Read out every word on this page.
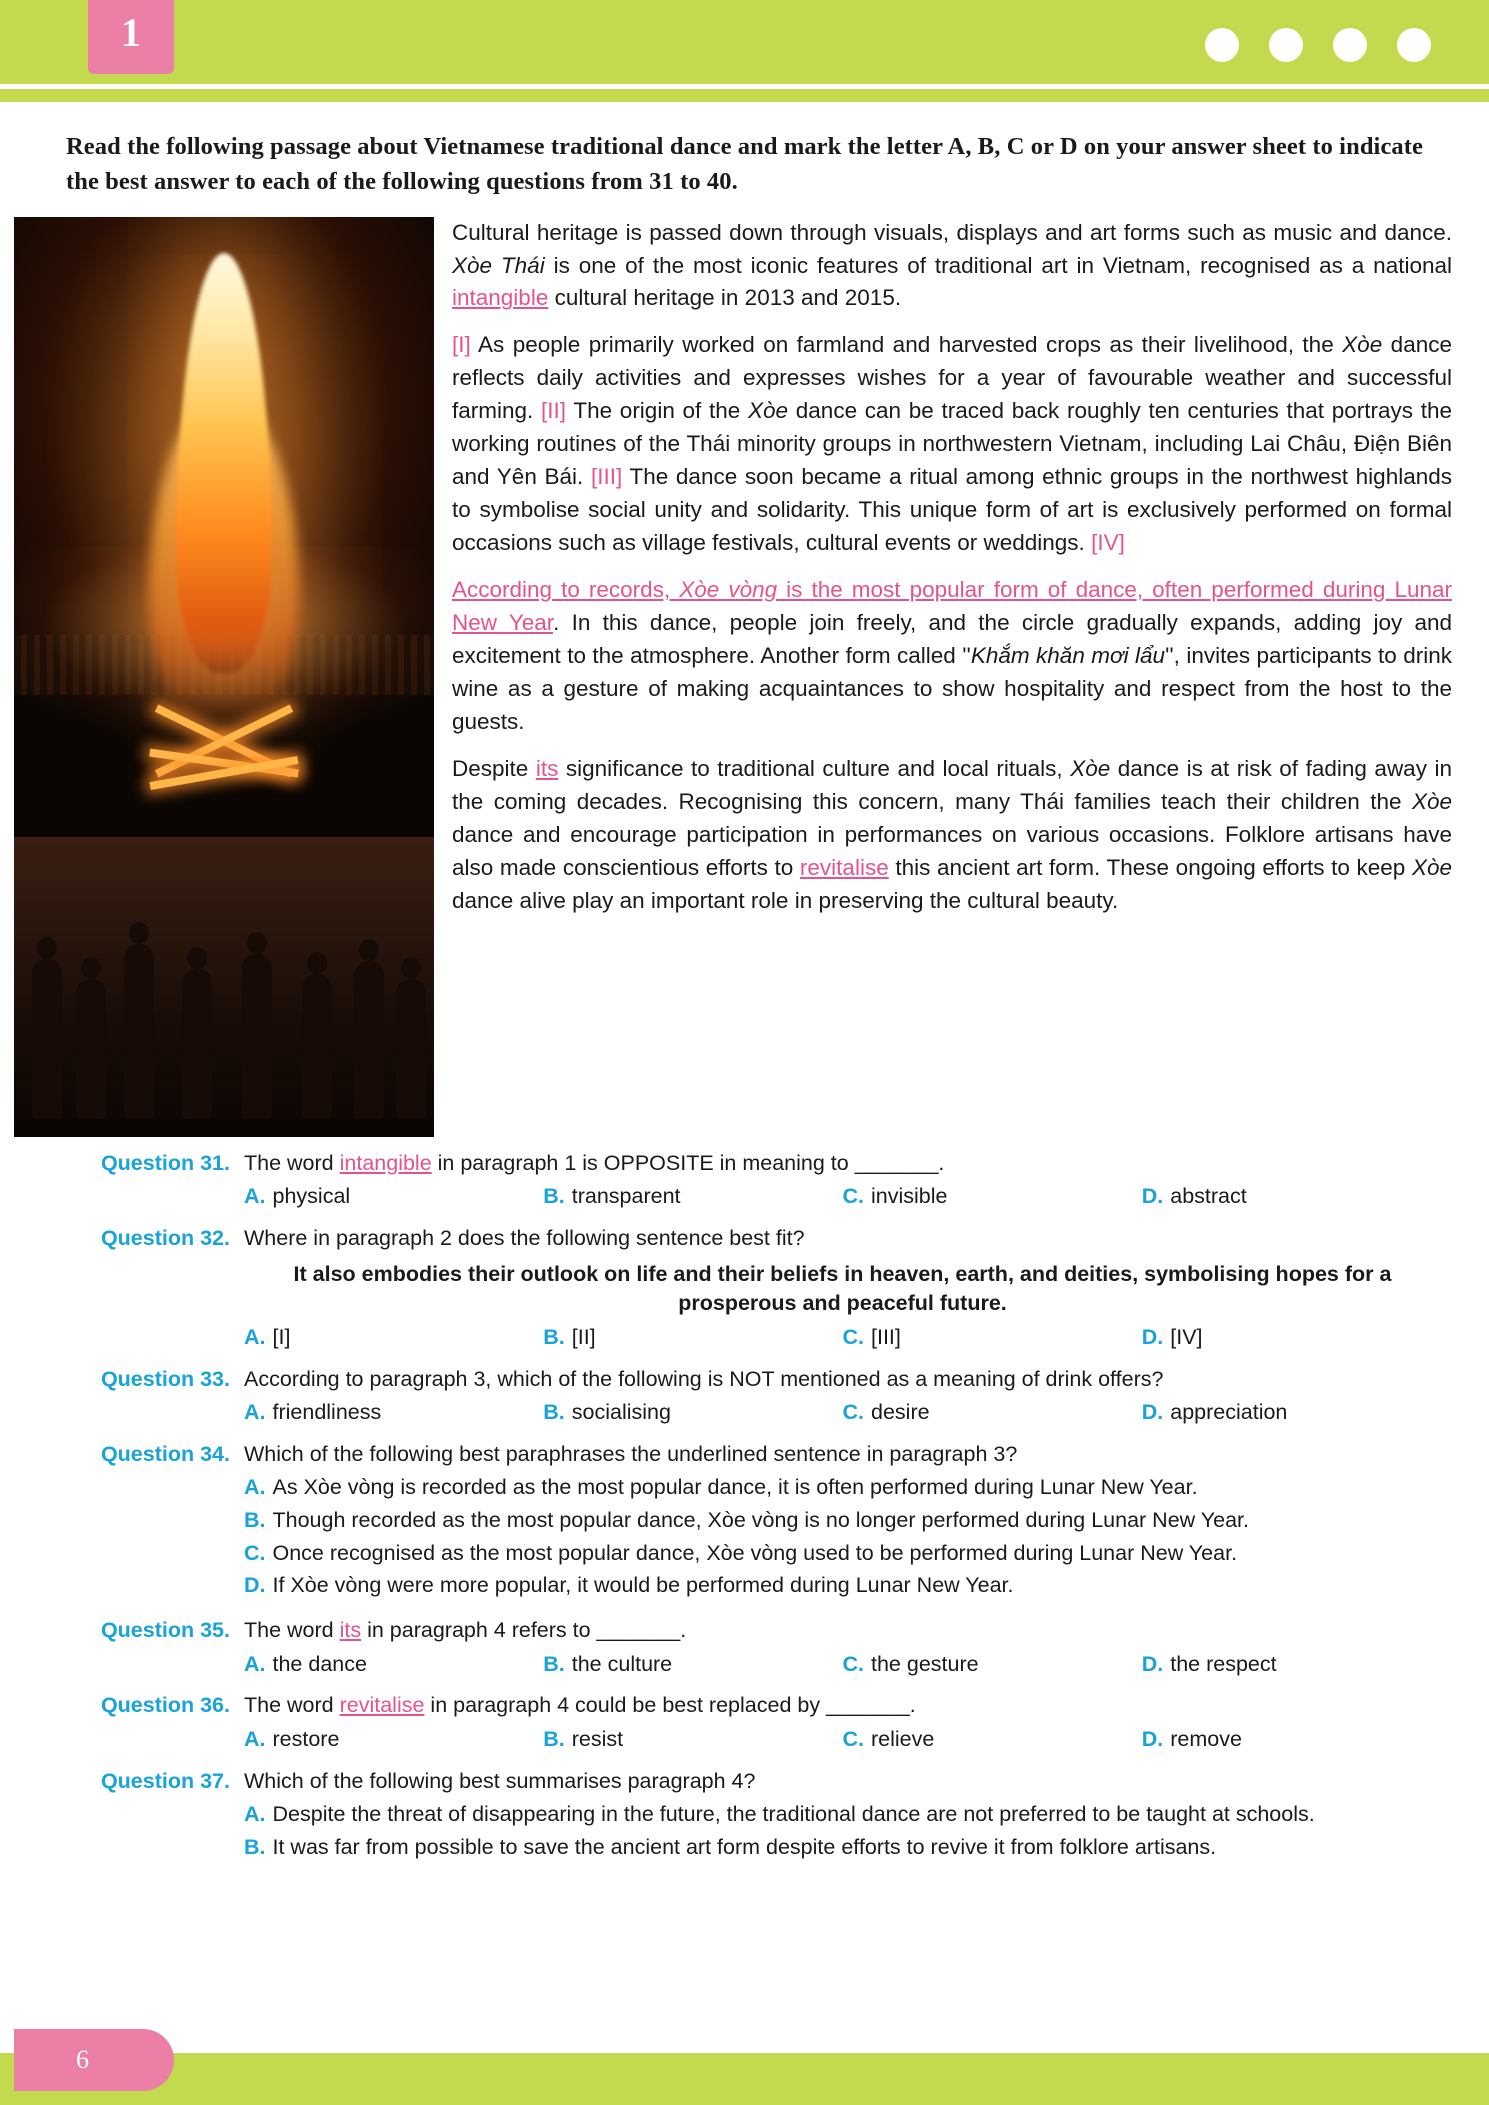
1
Read the following passage about Vietnamese traditional dance and mark the letter A, B, C or D on your answer sheet to indicate the best answer to each of the following questions from 31 to 40.

Cultural heritage is passed down through visuals, displays and art forms such as music and dance. Xòe Thái is one of the most iconic features of traditional art in Vietnam, recognised as a national intangible cultural heritage in 2013 and 2015.

[I] As people primarily worked on farmland and harvested crops as their livelihood, the Xòe dance reflects daily activities and expresses wishes for a year of favourable weather and successful farming. [II] The origin of the Xòe dance can be traced back roughly ten centuries that portrays the working routines of the Thái minority groups in northwestern Vietnam, including Lai Châu, Điện Biên and Yên Bái. [III] The dance soon became a ritual among ethnic groups in the northwest highlands to symbolise social unity and solidarity. This unique form of art is exclusively performed on formal occasions such as village festivals, cultural events or weddings. [IV]

According to records, Xòe vòng is the most popular form of dance, often performed during Lunar New Year. In this dance, people join freely, and the circle gradually expands, adding joy and excitement to the atmosphere. Another form called ''Khắm khăn mơi lẩu'', invites participants to drink wine as a gesture of making acquaintances to show hospitality and respect from the host to the guests.

Despite its significance to traditional culture and local rituals, Xòe dance is at risk of fading away in the coming decades. Recognising this concern, many Thái families teach their children the Xòe dance and encourage participation in performances on various occasions. Folklore artisans have also made conscientious efforts to revitalise this ancient art form. These ongoing efforts to keep Xòe dance alive play an important role in preserving the cultural beauty.

Question 31. The word intangible in paragraph 1 is OPPOSITE in meaning to _______.
A. physical	B. transparent	C. invisible	D. abstract
Question 32. Where in paragraph 2 does the following sentence best fit?
It also embodies their outlook on life and their beliefs in heaven, earth, and deities, symbolising hopes for a prosperous and peaceful future.
A. [I]	B. [II]	C. [III]	D. [IV]
Question 33. According to paragraph 3, which of the following is NOT mentioned as a meaning of drink offers?
A. friendliness	B. socialising	C. desire	D. appreciation
Question 34. Which of the following best paraphrases the underlined sentence in paragraph 3?
A. As Xòe vòng is recorded as the most popular dance, it is often performed during Lunar New Year.
B. Though recorded as the most popular dance, Xòe vòng is no longer performed during Lunar New Year.
C. Once recognised as the most popular dance, Xòe vòng used to be performed during Lunar New Year.
D. If Xòe vòng were more popular, it would be performed during Lunar New Year.
Question 35. The word its in paragraph 4 refers to _______.
A. the dance	B. the culture	C. the gesture	D. the respect
Question 36. The word revitalise in paragraph 4 could be best replaced by _______.
A. restore	B. resist	C. relieve	D. remove
Question 37. Which of the following best summarises paragraph 4?
A. Despite the threat of disappearing in the future, the traditional dance are not preferred to be taught at schools.
B. It was far from possible to save the ancient art form despite efforts to revive it from folklore artisans.
6
